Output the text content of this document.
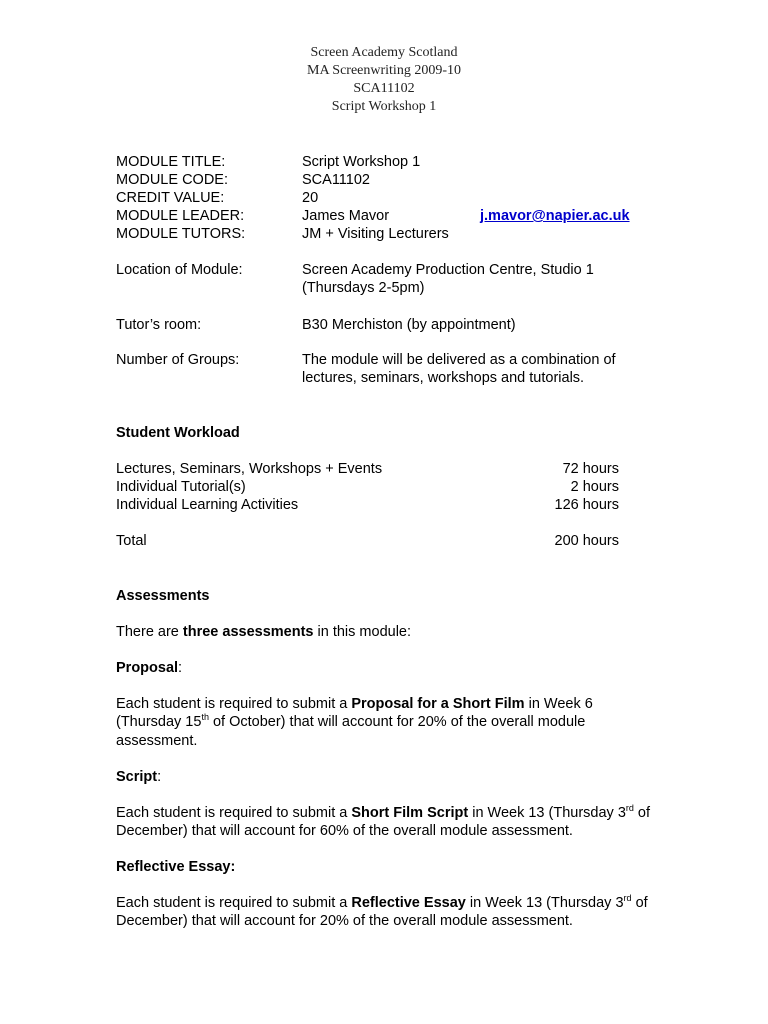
Screen Academy Scotland
MA Screenwriting 2009-10
SCA11102
Script Workshop 1
MODULE TITLE:	Script Workshop 1
MODULE CODE:	SCA11102
CREDIT VALUE:	20
MODULE LEADER:	James Mavor	j.mavor@napier.ac.uk
MODULE TUTORS:	JM + Visiting Lecturers
Location of Module:	Screen Academy Production Centre, Studio 1
(Thursdays 2-5pm)
Tutor’s room:	B30 Merchiston (by appointment)
Number of Groups:	The module will be delivered as a combination of
lectures, seminars, workshops and tutorials.
Student Workload
Lectures, Seminars, Workshops + Events	72 hours
Individual Tutorial(s)	2 hours
Individual Learning Activities	126 hours
Total	200 hours
Assessments
There are three assessments in this module:
Proposal:
Each student is required to submit a Proposal for a Short Film in Week 6 (Thursday 15th of October) that will account for 20% of the overall module assessment.
Script:
Each student is required to submit a Short Film Script in Week 13 (Thursday 3rd of December) that will account for 60% of the overall module assessment.
Reflective Essay:
Each student is required to submit a Reflective Essay in Week 13 (Thursday 3rd of December) that will account for 20% of the overall module assessment.
